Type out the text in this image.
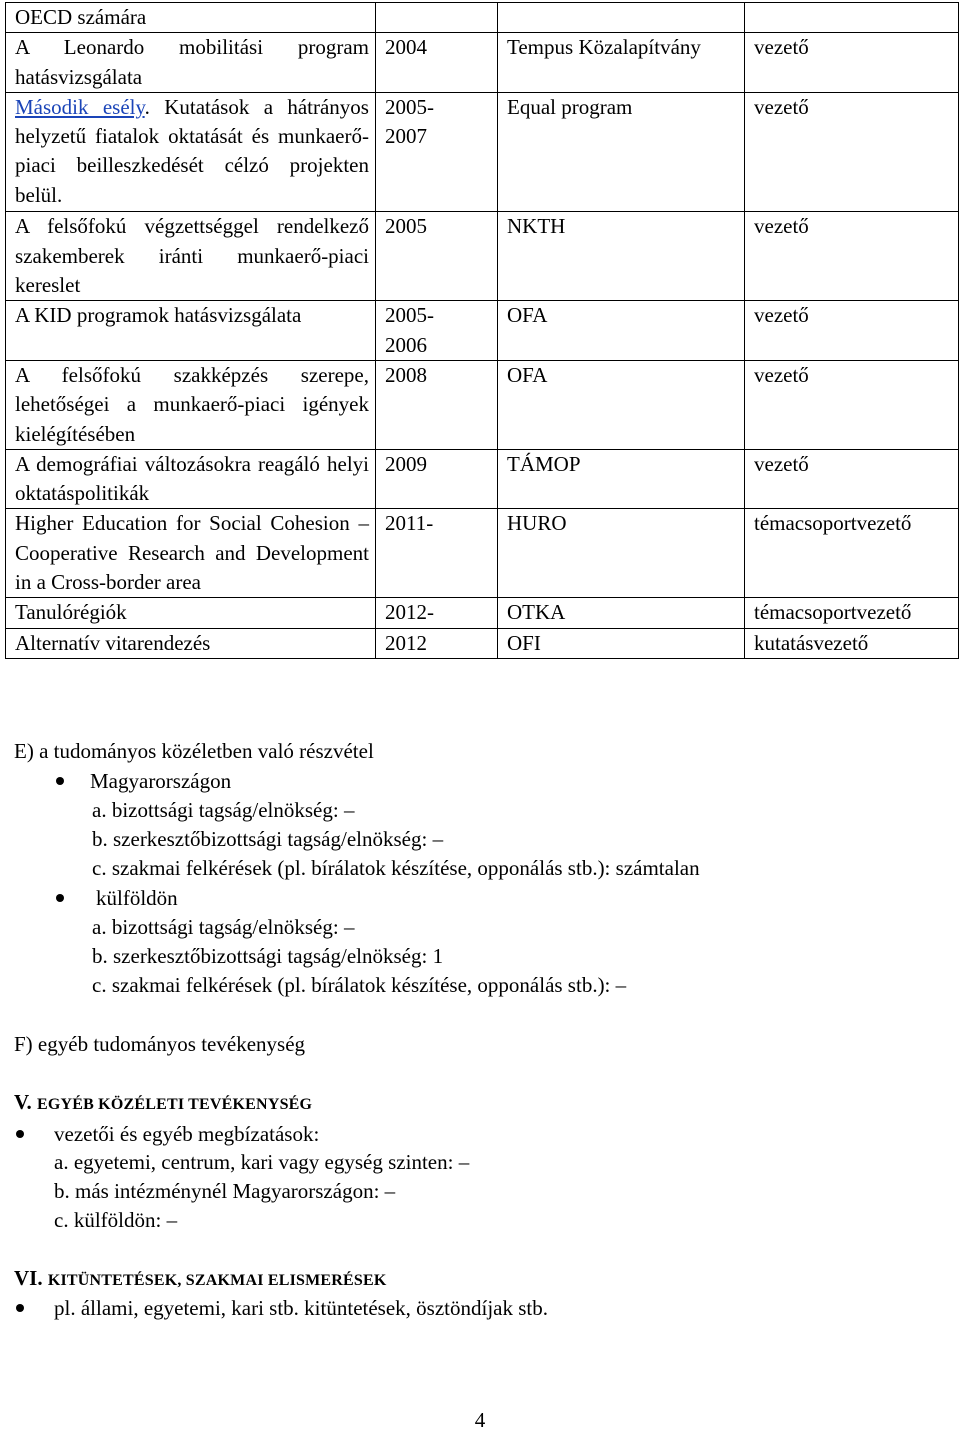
OECD számára			
A Leonardo mobilitási program hatásvizsgálata	2004	Tempus Közalapítvány	vezető
Második esély. Kutatások a hátrányos helyzetű fiatalok oktatását és munkaerő-piaci beilleszkedését célzó projekten belül.	2005-2007	Equal program	vezető
A felsőfokú végzettséggel rendelkező szakemberek iránti munkaerő-piaci kereslet	2005	NKTH	vezető
A KID programok hatásvizsgálata	2005-2006	OFA	vezető
A felsőfokú szakképzés szerepe, lehetőségei a munkaerő-piaci igények kielégítésében	2008	OFA	vezető
A demográfiai változásokra reagáló helyi oktatáspolitikák	2009	TÁMOP	vezető
Higher Education for Social Cohesion – Cooperative Research and Development in a Cross-border area	2011-	HURO	témacsoportvezető
Tanulórégiók	2012-	OTKA	témacsoportvezető
Alternatív vitarendezés	2012	OFI	kutatásvezető
E) a tudományos közéletben való részvétel
Magyarországon
a. bizottsági tagság/elnökség: –
b. szerkesztőbizottsági tagság/elnökség: –
c. szakmai felkérések (pl. bírálatok készítése, opponálás stb.): számtalan
külföldön
a. bizottsági tagság/elnökség: –
b. szerkesztőbizottsági tagság/elnökség: 1
c. szakmai felkérések (pl. bírálatok készítése, opponálás stb.): –
F) egyéb tudományos tevékenység
V. EGYÉB KÖZÉLETI TEVÉKENYSÉG
vezetői és egyéb megbízatások:
a. egyetemi, centrum, kari vagy egység szinten: –
b. más intézménynél Magyarországon: –
c. külföldön: –
VI. KITÜNTETÉSEK, SZAKMAI ELISMERÉSEK
pl. állami, egyetemi, kari stb. kitüntetések, ösztöndíjak stb.
4
